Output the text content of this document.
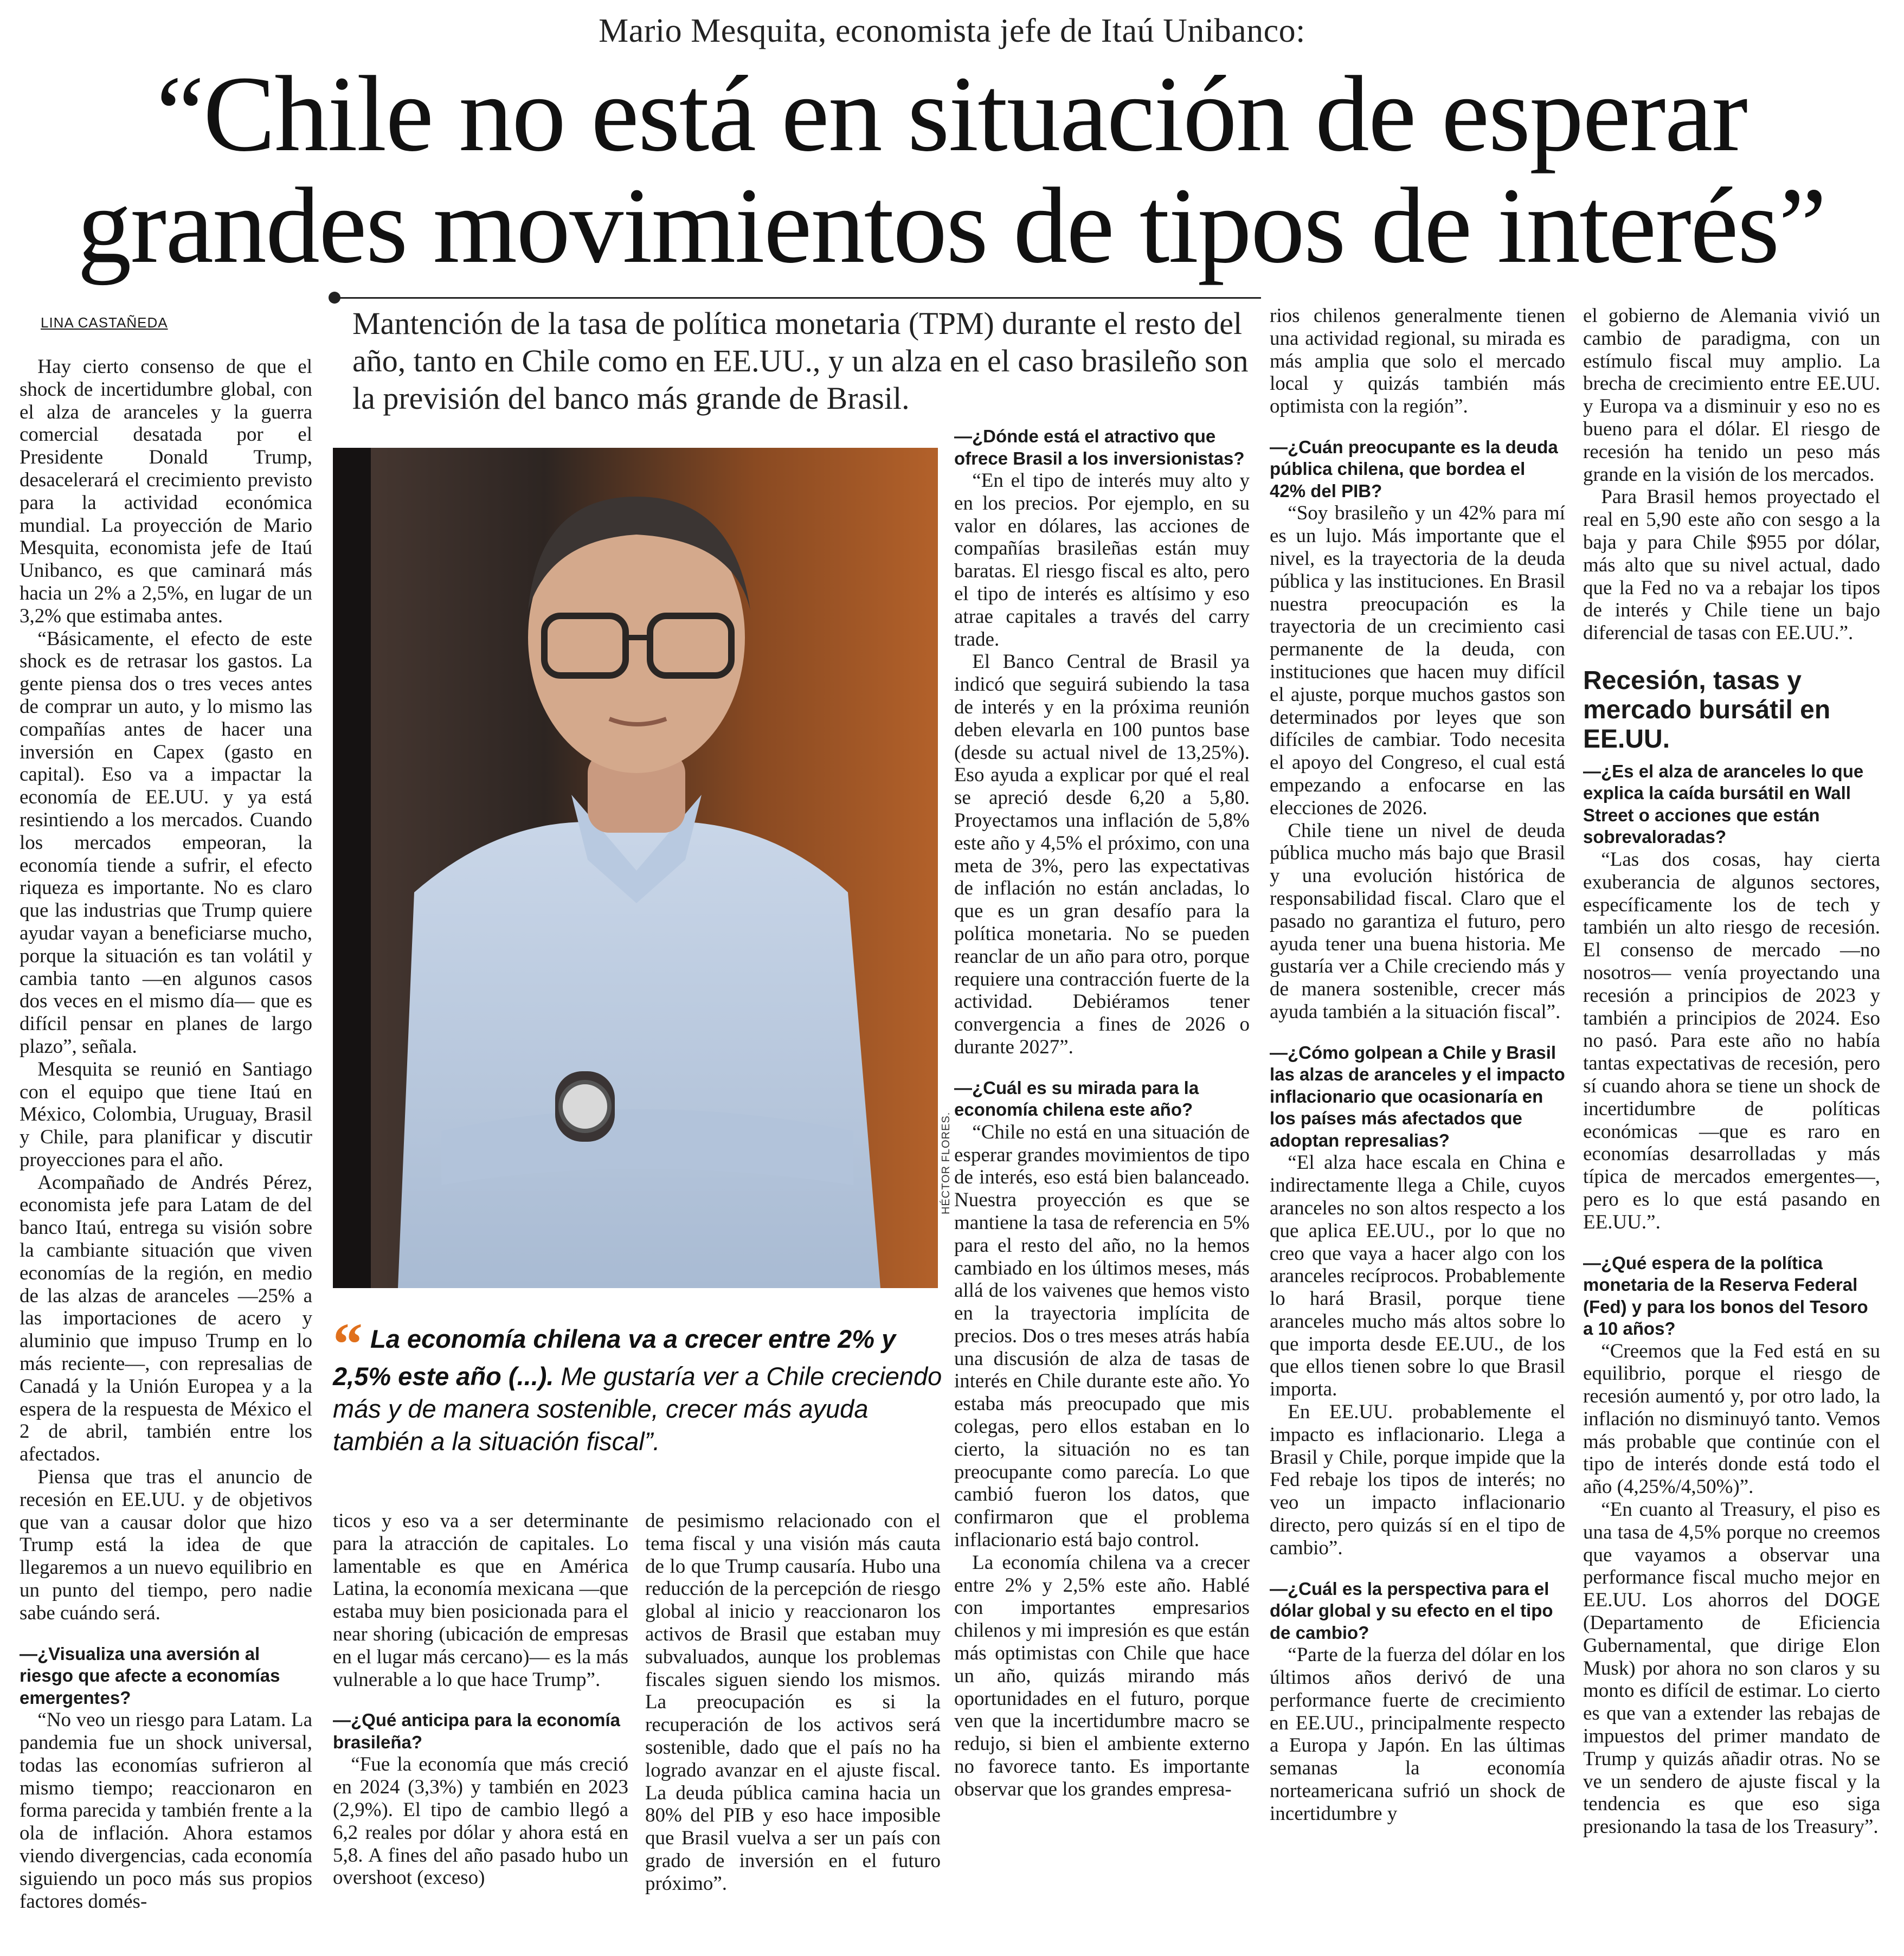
Mario Mesquita, economista jefe de Itaú Unibanco:
“Chile no está en situación de esperar
grandes movimientos de tipos de interés”
LINA CASTAÑEDA	Mantención de la tasa de política monetaria (TPM) durante el resto del año, tanto en Chile como en EE.UU., y un alza en el caso brasileño son la previsión del banco más grande de Brasil.
HÉCTOR FLORES.
“ La economía chilena va a crecer entre 2% y 2,5% este año (...). Me gustaría ver a Chile creciendo más y de manera sostenible, crecer más ayuda también a la situación fiscal”.

Hay cierto consenso de que el shock de incertidumbre global, con el alza de aranceles y la guerra comercial desatada por el Presidente Donald Trump, desacelerará el crecimiento previsto para la actividad económica mundial. La proyección de Mario Mesquita, economista jefe de Itaú Unibanco, es que caminará más hacia un 2% a 2,5%, en lugar de un 3,2% que estimaba antes.

“Básicamente, el efecto de este shock es de retrasar los gastos. La gente piensa dos o tres veces antes de comprar un auto, y lo mismo las compañías antes de hacer una inversión en Capex (gasto en capital). Eso va a impactar la economía de EE.UU. y ya está resintiendo a los mercados. Cuando los mercados empeoran, la economía tiende a sufrir, el efecto riqueza es importante. No es claro que las industrias que Trump quiere ayudar vayan a beneficiarse mucho, porque la situación es tan volátil y cambia tanto —en algunos casos dos veces en el mismo día— que es difícil pensar en planes de largo plazo”, señala.

Mesquita se reunió en Santiago con el equipo que tiene Itaú en México, Colombia, Uruguay, Brasil y Chile, para planificar y discutir proyecciones para el año.

Acompañado de Andrés Pérez, economista jefe para Latam de del banco Itaú, entrega su visión sobre la cambiante situación que viven economías de la región, en medio de las alzas de aranceles —25% a las importaciones de acero y aluminio que impuso Trump en lo más reciente—, con represalias de Canadá y la Unión Europea y a la espera de la respuesta de México el 2 de abril, también entre los afectados.

Piensa que tras el anuncio de recesión en EE.UU. y de objetivos que van a causar dolor que hizo Trump está la idea de que llegaremos a un nuevo equilibrio en un punto del tiempo, pero nadie sabe cuándo será.

—¿Visualiza una aversión al riesgo que afecte a economías emergentes?

“No veo un riesgo para Latam. La pandemia fue un shock universal, todas las economías sufrieron al mismo tiempo; reaccionaron en forma parecida y también frente a la ola de inflación. Ahora estamos viendo divergencias, cada economía siguiendo un poco más sus propios factores domés-

ticos y eso va a ser determinante para la atracción de capitales. Lo lamentable es que en América Latina, la economía mexicana —que estaba muy bien posicionada para el near shoring (ubicación de empresas en el lugar más cercano)— es la más vulnerable a lo que hace Trump”.

—¿Qué anticipa para la economía brasileña?

“Fue la economía que más creció en 2024 (3,3%) y también en 2023 (2,9%). El tipo de cambio llegó a 6,2 reales por dólar y ahora está en 5,8. A fines del año pasado hubo un overshoot (exceso)

de pesimismo relacionado con el tema fiscal y una visión más cauta de lo que Trump causaría. Hubo una reducción de la percepción de riesgo global al inicio y reaccionaron los activos de Brasil que estaban muy subvaluados, aunque los problemas fiscales siguen siendo los mismos. La preocupación es si la recuperación de los activos será sostenible, dado que el país no ha logrado avanzar en el ajuste fiscal. La deuda pública camina hacia un 80% del PIB y eso hace imposible que Brasil vuelva a ser un país con grado de inversión en el futuro próximo”.

—¿Dónde está el atractivo que ofrece Brasil a los inversionistas?

“En el tipo de interés muy alto y en los precios. Por ejemplo, en su valor en dólares, las acciones de compañías brasileñas están muy baratas. El riesgo fiscal es alto, pero el tipo de interés es altísimo y eso atrae capitales a través del carry trade.

El Banco Central de Brasil ya indicó que seguirá subiendo la tasa de interés y en la próxima reunión deben elevarla en 100 puntos base (desde su actual nivel de 13,25%). Eso ayuda a explicar por qué el real se apreció desde 6,20 a 5,80. Proyectamos una inflación de 5,8% este año y 4,5% el próximo, con una meta de 3%, pero las expectativas de inflación no están ancladas, lo que es un gran desafío para la política monetaria. No se pueden reanclar de un año para otro, porque requiere una contracción fuerte de la actividad. Debiéramos tener convergencia a fines de 2026 o durante 2027”.

—¿Cuál es su mirada para la economía chilena este año?

“Chile no está en una situación de esperar grandes movimientos de tipo de interés, eso está bien balanceado. Nuestra proyección es que se mantiene la tasa de referencia en 5% para el resto del año, no la hemos cambiado en los últimos meses, más allá de los vaivenes que hemos visto en la trayectoria implícita de precios. Dos o tres meses atrás había una discusión de alza de tasas de interés en Chile durante este año. Yo estaba más preocupado que mis colegas, pero ellos estaban en lo cierto, la situación no es tan preocupante como parecía. Lo que cambió fueron los datos, que confirmaron que el problema inflacionario está bajo control.

La economía chilena va a crecer entre 2% y 2,5% este año. Hablé con importantes empresarios chilenos y mi impresión es que están más optimistas con Chile que hace un año, quizás mirando más oportunidades en el futuro, porque ven que la incertidumbre macro se redujo, si bien el ambiente externo no favorece tanto. Es importante observar que los grandes empresa-

rios chilenos generalmente tienen una actividad regional, su mirada es más amplia que solo el mercado local y quizás también más optimista con la región”.

—¿Cuán preocupante es la deuda pública chilena, que bordea el 42% del PIB?

“Soy brasileño y un 42% para mí es un lujo. Más importante que el nivel, es la trayectoria de la deuda pública y las instituciones. En Brasil nuestra preocupación es la trayectoria de un crecimiento casi permanente de la deuda, con instituciones que hacen muy difícil el ajuste, porque muchos gastos son determinados por leyes que son difíciles de cambiar. Todo necesita el apoyo del Congreso, el cual está empezando a enfocarse en las elecciones de 2026.

Chile tiene un nivel de deuda pública mucho más bajo que Brasil y una evolución histórica de responsabilidad fiscal. Claro que el pasado no garantiza el futuro, pero ayuda tener una buena historia. Me gustaría ver a Chile creciendo más y de manera sostenible, crecer más ayuda también a la situación fiscal”.

—¿Cómo golpean a Chile y Brasil las alzas de aranceles y el impacto inflacionario que ocasionaría en los países más afectados que adoptan represalias?

“El alza hace escala en China e indirectamente llega a Chile, cuyos aranceles no son altos respecto a los que aplica EE.UU., por lo que no creo que vaya a hacer algo con los aranceles recíprocos. Probablemente lo hará Brasil, porque tiene aranceles mucho más altos sobre lo que importa desde EE.UU., de los que ellos tienen sobre lo que Brasil importa.

En EE.UU. probablemente el impacto es inflacionario. Llega a Brasil y Chile, porque impide que la Fed rebaje los tipos de interés; no veo un impacto inflacionario directo, pero quizás sí en el tipo de cambio”.

—¿Cuál es la perspectiva para el dólar global y su efecto en el tipo de cambio?

“Parte de la fuerza del dólar en los últimos años derivó de una performance fuerte de crecimiento en EE.UU., principalmente respecto a Europa y Japón. En las últimas semanas la economía norteamericana sufrió un shock de incertidumbre y

el gobierno de Alemania vivió un cambio de paradigma, con un estímulo fiscal muy amplio. La brecha de crecimiento entre EE.UU. y Europa va a disminuir y eso no es bueno para el dólar. El riesgo de recesión ha tenido un peso más grande en la visión de los mercados.

Para Brasil hemos proyectado el real en 5,90 este año con sesgo a la baja y para Chile $955 por dólar, más alto que su nivel actual, dado que la Fed no va a rebajar los tipos de interés y Chile tiene un bajo diferencial de tasas con EE.UU.”.

Recesión, tasas y mercado bursátil en EE.UU.

—¿Es el alza de aranceles lo que explica la caída bursátil en Wall Street o acciones que están sobrevaloradas?

“Las dos cosas, hay cierta exuberancia de algunos sectores, específicamente los de tech y también un alto riesgo de recesión. El consenso de mercado —no nosotros— venía proyectando una recesión a principios de 2023 y también a principios de 2024. Eso no pasó. Para este año no había tantas expectativas de recesión, pero sí cuando ahora se tiene un shock de incertidumbre de políticas económicas —que es raro en economías desarrolladas y más típica de mercados emergentes—, pero es lo que está pasando en EE.UU.”.

—¿Qué espera de la política monetaria de la Reserva Federal (Fed) y para los bonos del Tesoro a 10 años?

“Creemos que la Fed está en su equilibrio, porque el riesgo de recesión aumentó y, por otro lado, la inflación no disminuyó tanto. Vemos más probable que continúe con el tipo de interés donde está todo el año (4,25%/4,50%)”.

“En cuanto al Treasury, el piso es una tasa de 4,5% porque no creemos que vayamos a observar una performance fiscal mucho mejor en EE.UU. Los ahorros del DOGE (Departamento de Eficiencia Gubernamental, que dirige Elon Musk) por ahora no son claros y su monto es difícil de estimar. Lo cierto es que van a extender las rebajas de impuestos del primer mandato de Trump y quizás añadir otras. No se ve un sendero de ajuste fiscal y la tendencia es que eso siga presionando la tasa de los Treasury”.
